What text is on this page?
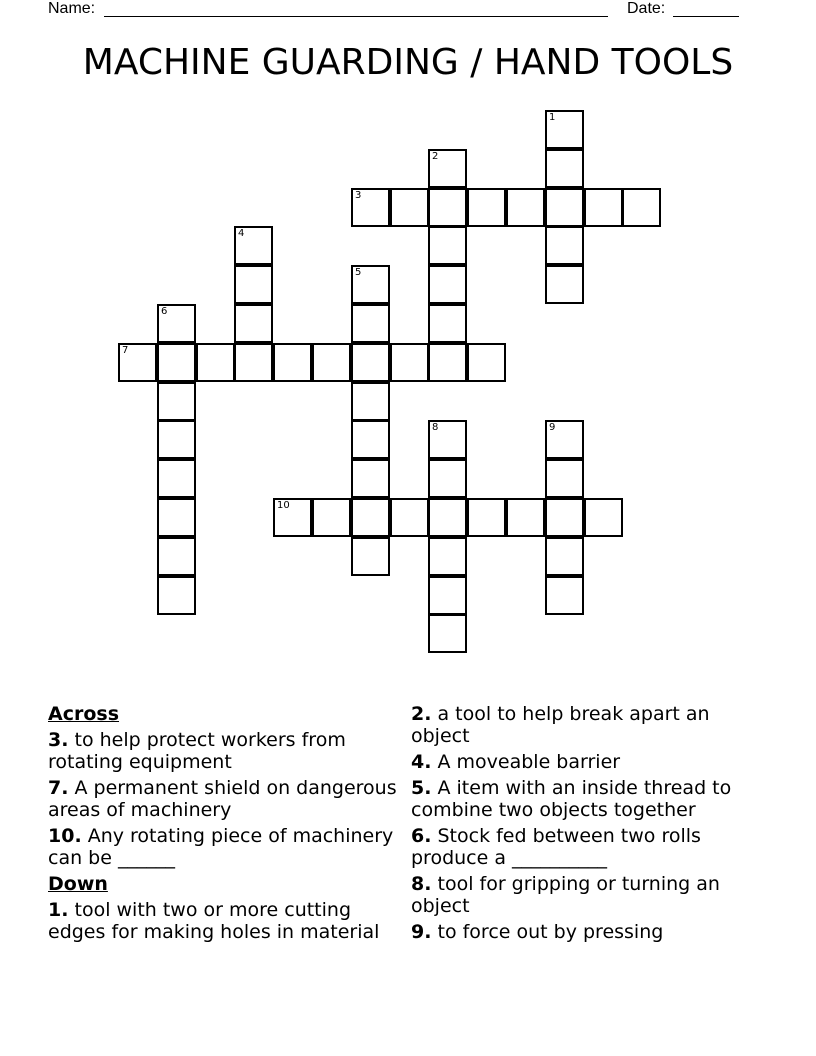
Name:	Date:
MACHINE GUARDING / HAND TOOLS
1
2
3
4
5
6
7
8	9
10
Across
3. to help protect workers from rotating equipment
7. A permanent shield on dangerous areas of machinery
10. Any rotating piece of machinery can be ______
Down
1. tool with two or more cutting edges for making holes in material
2. a tool to help break apart an object
4. A moveable barrier
5. A item with an inside thread to combine two objects together
6. Stock fed between two rolls produce a __________
8. tool for gripping or turning an object
9. to force out by pressing
